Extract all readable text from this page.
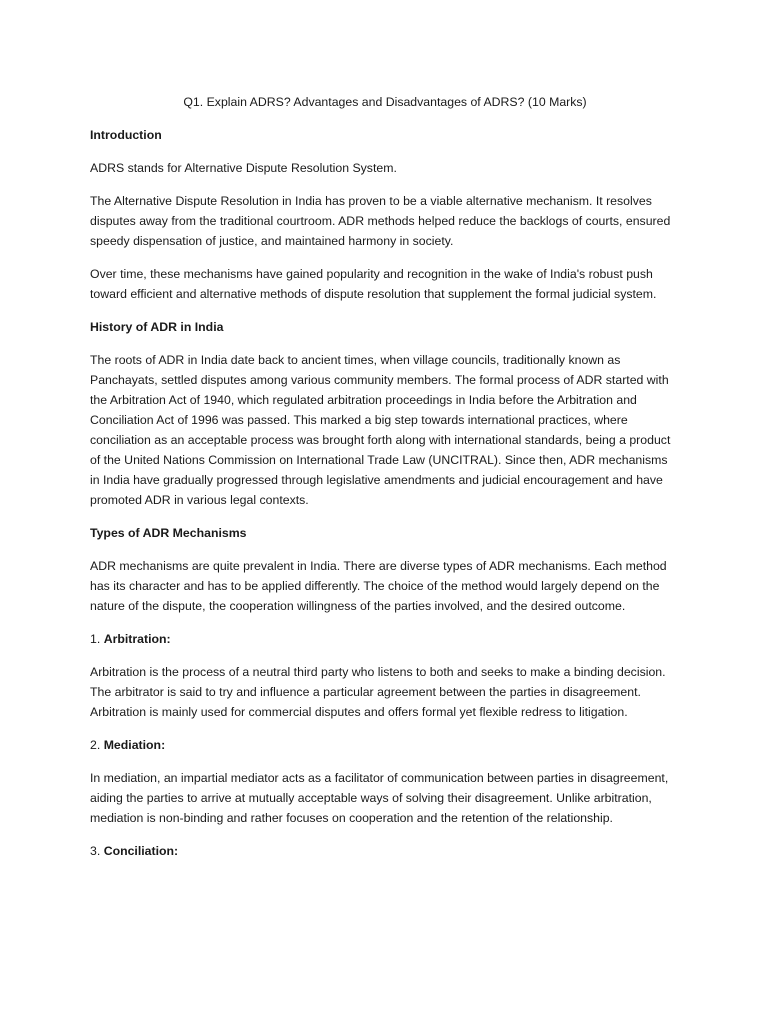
Q1. Explain ADRS? Advantages and Disadvantages of ADRS? (10 Marks)

Introduction

ADRS stands for Alternative Dispute Resolution System.

The Alternative Dispute Resolution in India has proven to be a viable alternative mechanism. It resolves disputes away from the traditional courtroom. ADR methods helped reduce the backlogs of courts, ensured speedy dispensation of justice, and maintained harmony in society.

Over time, these mechanisms have gained popularity and recognition in the wake of India's robust push toward efficient and alternative methods of dispute resolution that supplement the formal judicial system.

History of ADR in India

The roots of ADR in India date back to ancient times, when village councils, traditionally known as Panchayats, settled disputes among various community members. The formal process of ADR started with the Arbitration Act of 1940, which regulated arbitration proceedings in India before the Arbitration and Conciliation Act of 1996 was passed. This marked a big step towards international practices, where conciliation as an acceptable process was brought forth along with international standards, being a product of the United Nations Commission on International Trade Law (UNCITRAL). Since then, ADR mechanisms in India have gradually progressed through legislative amendments and judicial encouragement and have promoted ADR in various legal contexts.

Types of ADR Mechanisms

ADR mechanisms are quite prevalent in India. There are diverse types of ADR mechanisms. Each method has its character and has to be applied differently. The choice of the method would largely depend on the nature of the dispute, the cooperation willingness of the parties involved, and the desired outcome.

1. Arbitration:

Arbitration is the process of a neutral third party who listens to both and seeks to make a binding decision. The arbitrator is said to try and influence a particular agreement between the parties in disagreement. Arbitration is mainly used for commercial disputes and offers formal yet flexible redress to litigation.

2. Mediation:

In mediation, an impartial mediator acts as a facilitator of communication between parties in disagreement, aiding the parties to arrive at mutually acceptable ways of solving their disagreement. Unlike arbitration, mediation is non-binding and rather focuses on cooperation and the retention of the relationship.

3. Conciliation:
